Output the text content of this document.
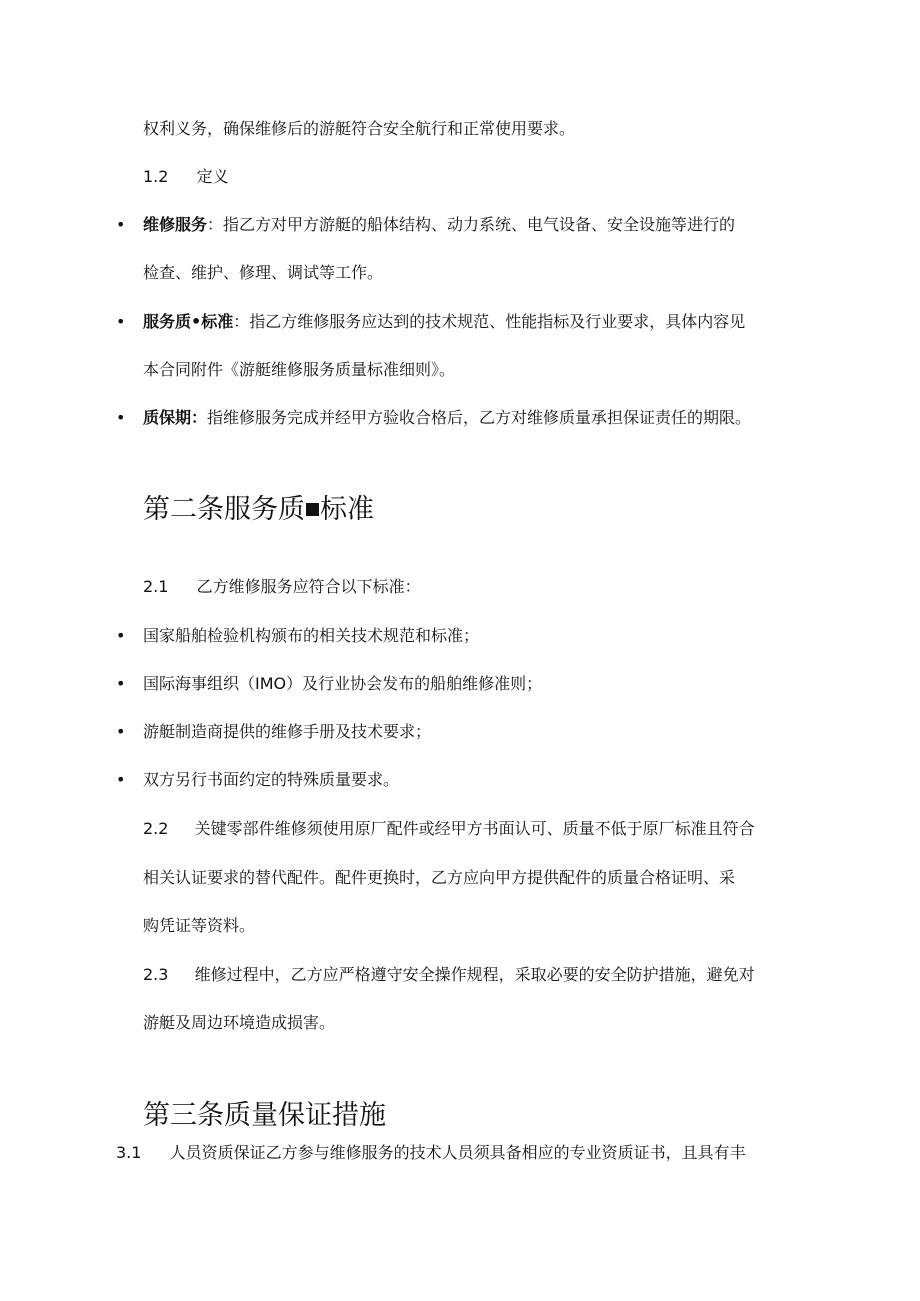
权利义务，确保维修后的游艇符合安全航行和正常使用要求。
1.2 定义
• 维修服务：指乙方对甲方游艇的船体结构、动力系统、电气设备、安全设施等进行的
检查、维护、修理、调试等工作。
• 服务质•标准：指乙方维修服务应达到的技术规范、性能指标及行业要求，具体内容见
本合同附件《游艇维修服务质量标准细则》。
• 质保期：指维修服务完成并经甲方验收合格后，乙方对维修质量承担保证责任的期限。
第二条服务质 标准
2.1 乙方维修服务应符合以下标准：
• 国家船舶检验机构颁布的相关技术规范和标准；
• 国际海事组织（IMO）及行业协会发布的船舶维修准则；
• 游艇制造商提供的维修手册及技术要求；
• 双方另行书面约定的特殊质量要求。
2.2 关键零部件维修须使用原厂配件或经甲方书面认可、质量不低于原厂标准且符合
相关认证要求的替代配件。配件更换时，乙方应向甲方提供配件的质量合格证明、采
购凭证等资料。
2.3 维修过程中，乙方应严格遵守安全操作规程，采取必要的安全防护措施，避免对
游艇及周边环境造成损害。
第三条质量保证措施
3.1 人员资质保证乙方参与维修服务的技术人员须具备相应的专业资质证书，且具有丰
